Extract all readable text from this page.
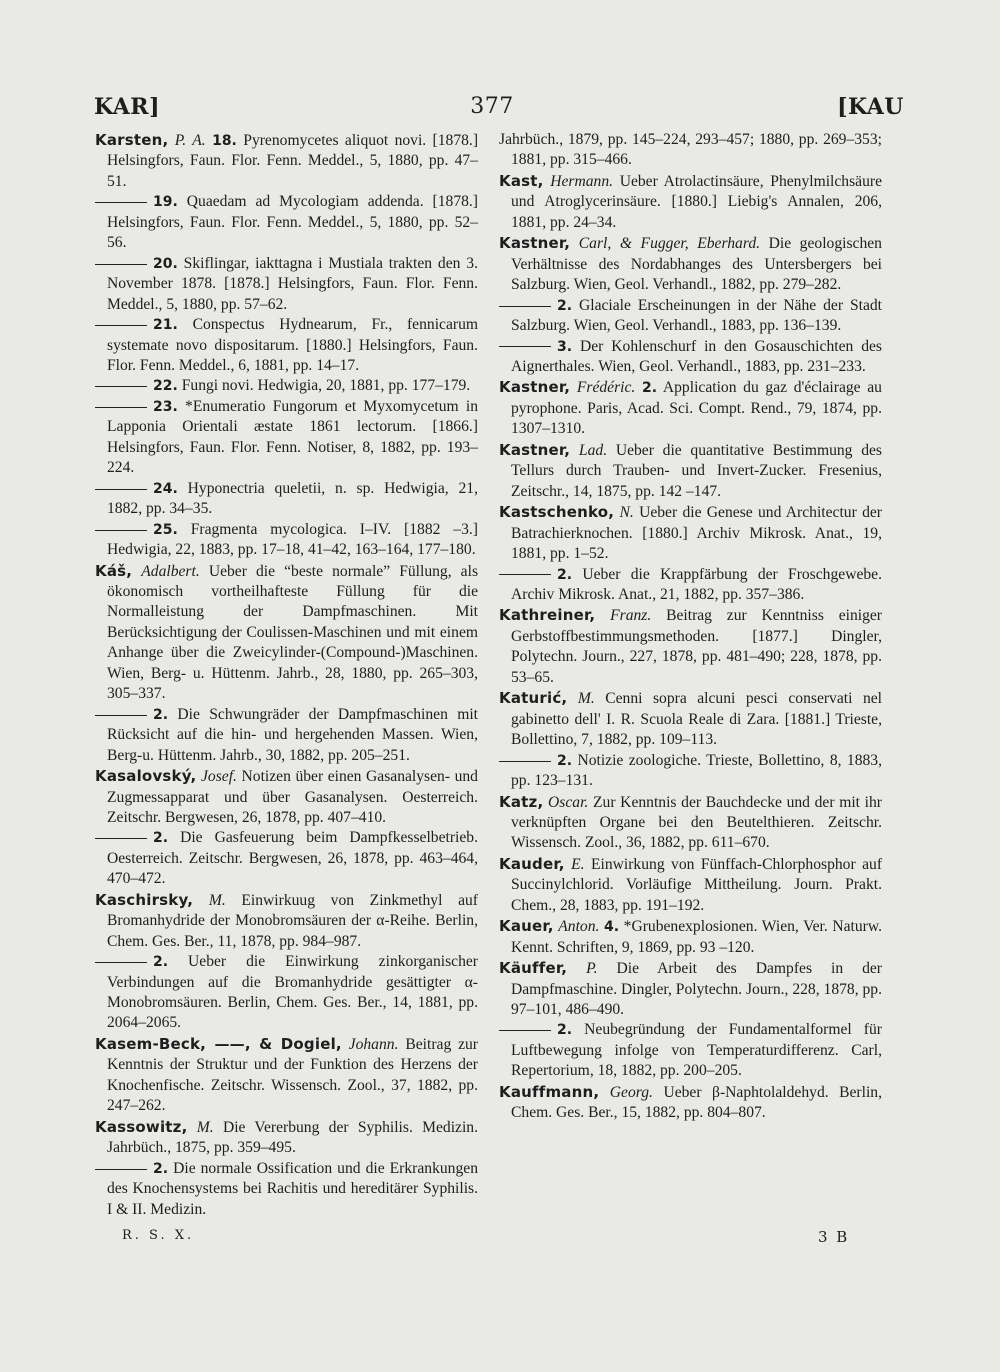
KAR]	377	[KAU

Karsten, P. A. 18. Pyrenomycetes aliquot novi. [1878.] Helsingfors, Faun. Flor. Fenn. Meddel., 5, 1880, pp. 47–51.

19. Quaedam ad Mycologiam addenda. [1878.] Helsingfors, Faun. Flor. Fenn. Meddel., 5, 1880, pp. 52–56.

20. Skiflingar, iakttagna i Mustiala trakten den 3. November 1878. [1878.] Helsingfors, Faun. Flor. Fenn. Meddel., 5, 1880, pp. 57–62.

21. Conspectus Hydnearum, Fr., fennicarum systemate novo dispositarum. [1880.] Helsingfors, Faun. Flor. Fenn. Meddel., 6, 1881, pp. 14–17.

22. Fungi novi. Hedwigia, 20, 1881, pp. 177–179.

23. *Enumeratio Fungorum et Myxomycetum in Lapponia Orientali æstate 1861 lectorum. [1866.] Helsingfors, Faun. Flor. Fenn. Notiser, 8, 1882, pp. 193–224.

24. Hyponectria queletii, n. sp. Hedwigia, 21, 1882, pp. 34–35.

25. Fragmenta mycologica. I–IV. [1882 –3.] Hedwigia, 22, 1883, pp. 17–18, 41–42, 163–164, 177–180.

Káš, Adalbert. Ueber die “beste normale” Füllung, als ökonomisch vortheilhafteste Füllung für die Normalleistung der Dampfmaschinen. Mit Berücksichtigung der Coulissen-Maschinen und mit einem Anhange über die Zweicylinder-(Compound-)Maschinen. Wien, Berg- u. Hüttenm. Jahrb., 28, 1880, pp. 265–303, 305–337.

2. Die Schwungräder der Dampfmaschinen mit Rücksicht auf die hin- und hergehenden Massen. Wien, Berg-u. Hüttenm. Jahrb., 30, 1882, pp. 205–251.

Kasalovský, Josef. Notizen über einen Gasanalysen- und Zugmessapparat und über Gasanalysen. Oesterreich. Zeitschr. Bergwesen, 26, 1878, pp. 407–410.

2. Die Gasfeuerung beim Dampfkesselbetrieb. Oesterreich. Zeitschr. Bergwesen, 26, 1878, pp. 463–464, 470–472.

Kaschirsky, M. Einwirkuug von Zinkmethyl auf Bromanhydride der Monobromsäuren der α-Reihe. Berlin, Chem. Ges. Ber., 11, 1878, pp. 984–987.

2. Ueber die Einwirkung zinkorganischer Verbindungen auf die Bromanhydride gesättigter α-Monobromsäuren. Berlin, Chem. Ges. Ber., 14, 1881, pp. 2064–2065.

Kasem-Beck, ——, & Dogiel, Johann. Beitrag zur Kenntnis der Struktur und der Funktion des Herzens der Knochenfische. Zeitschr. Wissensch. Zool., 37, 1882, pp. 247–262.

Kassowitz, M. Die Vererbung der Syphilis. Medizin. Jahrbüch., 1875, pp. 359–495.

2. Die normale Ossification und die Erkrankungen des Knochensystems bei Rachitis und hereditärer Syphilis. I & II. Medizin.

Jahrbüch., 1879, pp. 145–224, 293–457; 1880, pp. 269–353; 1881, pp. 315–466.

Kast, Hermann. Ueber Atrolactinsäure, Phenylmilchsäure und Atroglycerinsäure. [1880.] Liebig's Annalen, 206, 1881, pp. 24–34.

Kastner, Carl, & Fugger, Eberhard. Die geologischen Verhältnisse des Nordabhanges des Untersbergers bei Salzburg. Wien, Geol. Verhandl., 1882, pp. 279–282.

2. Glaciale Erscheinungen in der Nähe der Stadt Salzburg. Wien, Geol. Verhandl., 1883, pp. 136–139.

3. Der Kohlenschurf in den Gosauschichten des Aignerthales. Wien, Geol. Verhandl., 1883, pp. 231–233.

Kastner, Frédéric. 2. Application du gaz d'éclairage au pyrophone. Paris, Acad. Sci. Compt. Rend., 79, 1874, pp. 1307–1310.

Kastner, Lad. Ueber die quantitative Bestimmung des Tellurs durch Trauben- und Invert-Zucker. Fresenius, Zeitschr., 14, 1875, pp. 142 –147.

Kastschenko, N. Ueber die Genese und Architectur der Batrachierknochen. [1880.] Archiv Mikrosk. Anat., 19, 1881, pp. 1–52.

2. Ueber die Krappfärbung der Froschgewebe. Archiv Mikrosk. Anat., 21, 1882, pp. 357–386.

Kathreiner, Franz. Beitrag zur Kenntniss einiger Gerbstoffbestimmungsmethoden. [1877.] Dingler, Polytechn. Journ., 227, 1878, pp. 481–490; 228, 1878, pp. 53–65.

Katurić, M. Cenni sopra alcuni pesci conservati nel gabinetto dell' I. R. Scuola Reale di Zara. [1881.] Trieste, Bollettino, 7, 1882, pp. 109–113.

2. Notizie zoologiche. Trieste, Bollettino, 8, 1883, pp. 123–131.

Katz, Oscar. Zur Kenntnis der Bauchdecke und der mit ihr verknüpften Organe bei den Beutelthieren. Zeitschr. Wissensch. Zool., 36, 1882, pp. 611–670.

Kauder, E. Einwirkung von Fünffach-Chlorphosphor auf Succinylchlorid. Vorläufige Mittheilung. Journ. Prakt. Chem., 28, 1883, pp. 191–192.

Kauer, Anton. 4. *Grubenexplosionen. Wien, Ver. Naturw. Kennt. Schriften, 9, 1869, pp. 93 –120.

Käuffer, P. Die Arbeit des Dampfes in der Dampfmaschine. Dingler, Polytechn. Journ., 228, 1878, pp. 97–101, 486–490.

2. Neubegründung der Fundamentalformel für Luftbewegung infolge von Temperaturdifferenz. Carl, Repertorium, 18, 1882, pp. 200–205.

Kauffmann, Georg. Ueber β-Naphtolaldehyd. Berlin, Chem. Ges. Ber., 15, 1882, pp. 804–807.

R. S. X.	3 B
